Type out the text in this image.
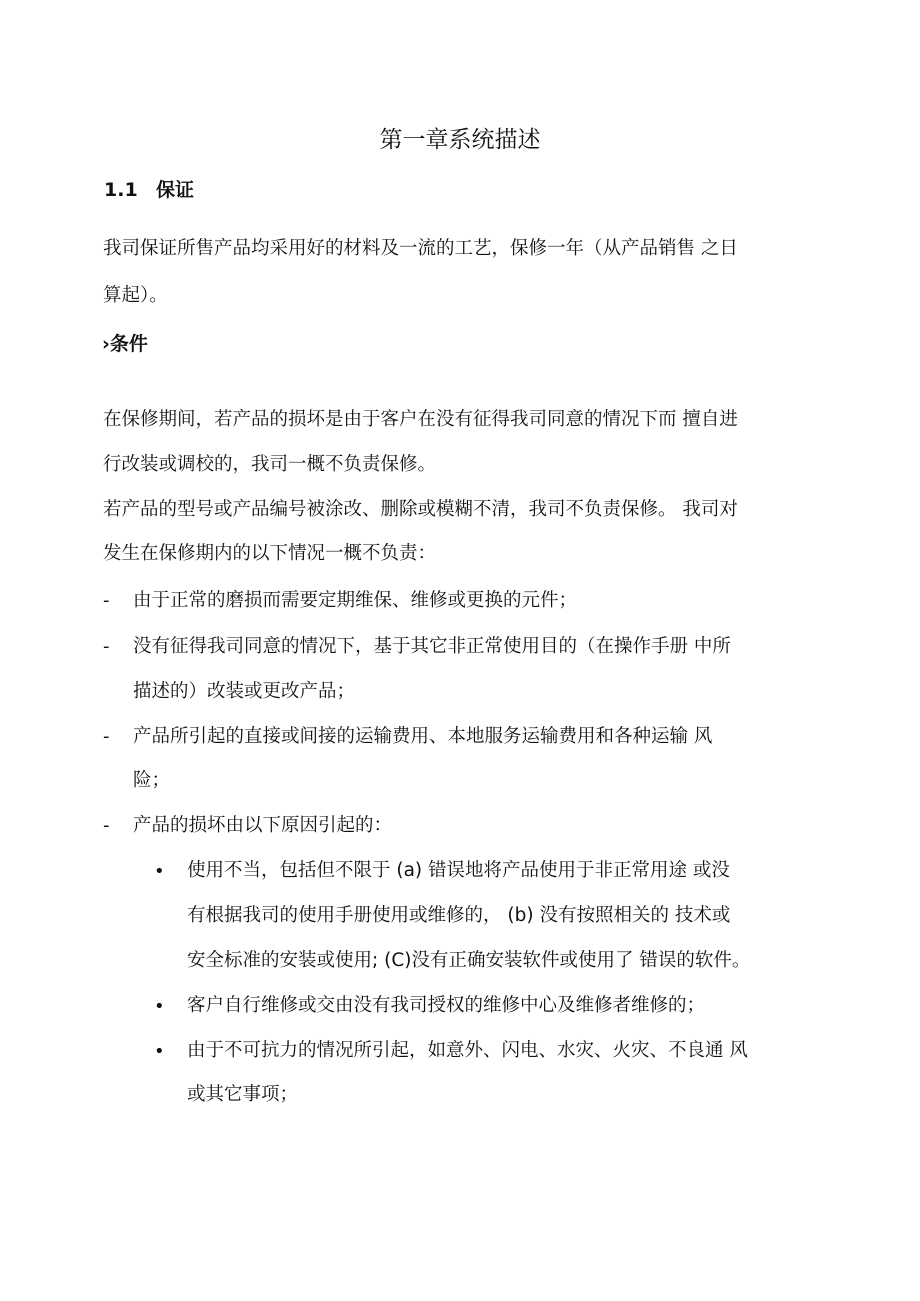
第一章系统描述
1.1 保证
我司保证所售产品均采用好的材料及一流的工艺，保修一年（从产品销售 之日
算起）。
›条件
在保修期间，若产品的损坏是由于客户在没有征得我司同意的情况下而 擅自进
行改装或调校的，我司一概不负责保修。
若产品的型号或产品编号被涂改、删除或模糊不清，我司不负责保修。 我司对
发生在保修期内的以下情况一概不负责：
- 由于正常的磨损而需要定期维保、维修或更换的元件；
- 没有征得我司同意的情况下，基于其它非正常使用目的（在操作手册 中所
描述的）改装或更改产品；
- 产品所引起的直接或间接的运输费用、本地服务运输费用和各种运输 风
险；
- 产品的损坏由以下原因引起的：
• 使用不当，包括但不限于 (a) 错误地将产品使用于非正常用途 或没
有根据我司的使用手册使用或维修的， (b) 没有按照相关的 技术或
安全标准的安装或使用; (C)没有正确安装软件或使用了 错误的软件。
• 客户自行维修或交由没有我司授权的维修中心及维修者维修的；
• 由于不可抗力的情况所引起，如意外、闪电、水灾、火灾、不良通 风
或其它事项；
